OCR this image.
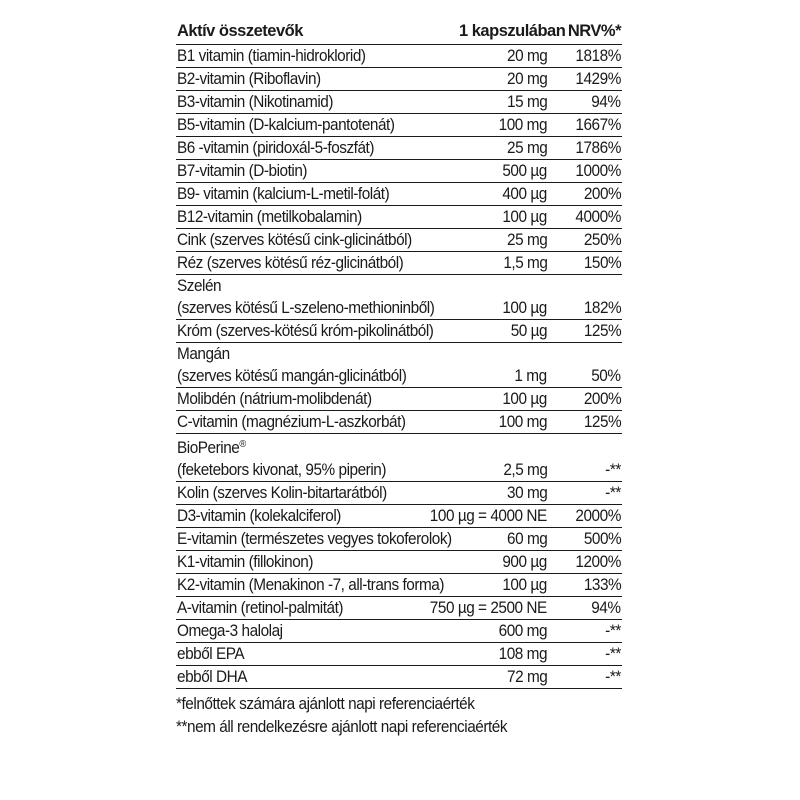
Aktív összetevők	1 kapszulában	NRV%*
B1 vitamin (tiamin-hidroklorid)	20 mg	1818%
B2-vitamin (Riboflavin)	20 mg	1429%
B3-vitamin (Nikotinamid)	15 mg	94%
B5-vitamin (D-kalcium-pantotenát)	100 mg	1667%
B6 -vitamin (piridoxál-5-foszfát)	25 mg	1786%
B7-vitamin (D-biotin)	500 µg	1000%
B9- vitamin (kalcium-L-metil-folát)	400 µg	200%
B12-vitamin (metilkobalamin)	100 µg	4000%
Cink (szerves kötésű cink-glicinátból)	25 mg	250%
Réz (szerves kötésű réz-glicinátból)	1,5 mg	150%
Szelén		
(szerves kötésű L-szeleno-methioninből)	100 µg	182%
Króm (szerves-kötésű króm-pikolinátból)	50 µg	125%
Mangán		
(szerves kötésű mangán-glicinátból)	1 mg	50%
Molibdén (nátrium-molibdenát)	100 µg	200%
C-vitamin (magnézium-L-aszkorbát)	100 mg	125%
BioPerine®
(feketebors kivonat, 95% piperin)	2,5 mg	-**
Kolin (szerves Kolin-bitartarátból)	30 mg	-**
D3-vitamin (kolekalciferol)	100 µg = 4000 NE	2000%
E-vitamin (természetes vegyes tokoferolok)	60 mg	500%
K1-vitamin (fillokinon)	900 µg	1200%
K2-vitamin (Menakinon -7, all-trans forma)	100 µg	133%
A-vitamin (retinol-palmitát)	750 µg = 2500 NE	94%
Omega-3 halolaj	600 mg	-**
ebből EPA	108 mg	-**
ebből DHA	72 mg	-**
*felnőttek számára ajánlott napi referenciaérték
**nem áll rendelkezésre ajánlott napi referenciaérték
